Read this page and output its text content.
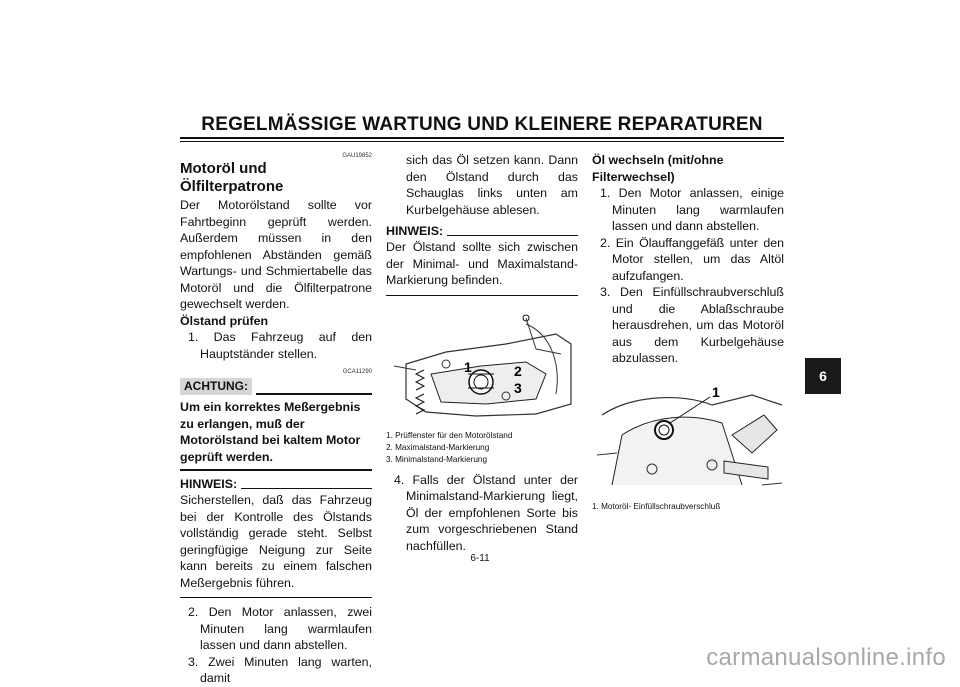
REGELMÄSSIGE WARTUNG UND KLEINERE REPARATUREN
GAU19852
Motoröl und Ölfilterpatrone

Der Motorölstand sollte vor Fahrtbeginn geprüft werden. Außerdem müssen in den empfohlenen Abständen gemäß Wartungs- und Schmiertabelle das Motoröl und die Ölfilterpatrone gewechselt werden.

Ölstand prüfen

1. Das Fahrzeug auf den Hauptständer stellen.

GCA11290
ACHTUNG:
Um ein korrektes Meßergebnis zu erlangen, muß der Motorölstand bei kaltem Motor geprüft werden.
HINWEIS:

Sicherstellen, daß das Fahrzeug bei der Kontrolle des Ölstands vollständig gerade steht. Selbst geringfügige Neigung zur Seite kann bereits zu einem falschen Meßergebnis führen.

2. Den Motor anlassen, zwei Minuten lang warmlaufen lassen und dann abstellen.

3. Zwei Minuten lang warten, damit

sich das Öl setzen kann. Dann den Ölstand durch das Schauglas links unten am Kurbelgehäuse ablesen.

HINWEIS:

Der Ölstand sollte sich zwischen der Minimal- und Maximalstand-Markierung befinden.

1	2
3
1. Prüffenster für den Motorölstand
2. Maximalstand-Markierung
3. Minimalstand-Markierung

4. Falls der Ölstand unter der Minimalstand-Markierung liegt, Öl der empfohlenen Sorte bis zum vorgeschriebenen Stand nachfüllen.

Öl wechseln (mit/ohne Filterwechsel)

1. Den Motor anlassen, einige Minuten lang warmlaufen lassen und dann abstellen.

2. Ein Ölauffanggefäß unter den Motor stellen, um das Altöl aufzufangen.

3. Den Einfüllschraubverschluß und die Ablaßschraube herausdrehen, um das Motoröl aus dem Kurbelgehäuse abzulassen.

1
1. Motoröl- Einfüllschraubverschluß
6-11
6
carmanualsonline.info
